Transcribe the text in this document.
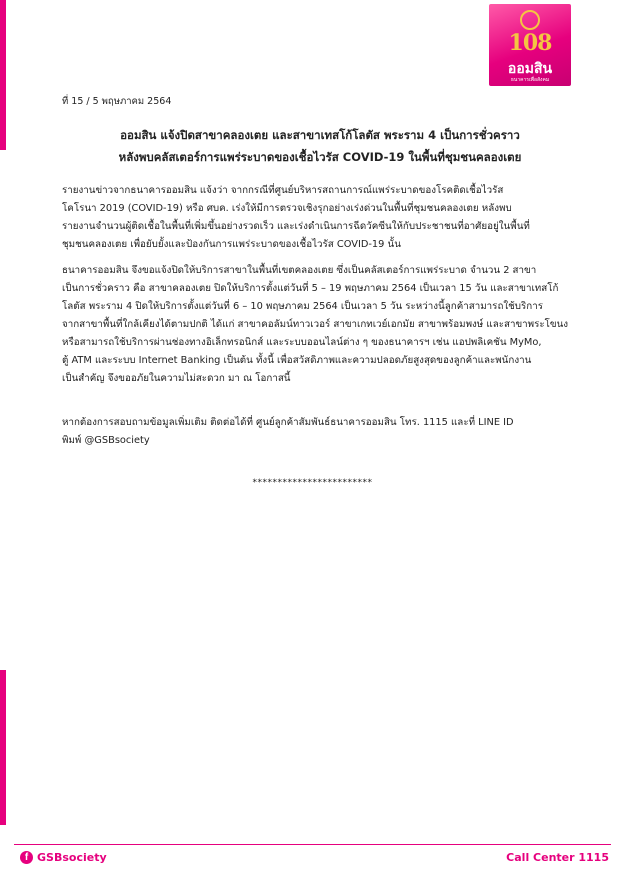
108
ออมสิน
ธนาคารเพื่อสังคม
ที่ 15 / 5 พฤษภาคม 2564
ออมสิน แจ้งปิดสาขาคลองเตย และสาขาเทสโก้โลตัส พระราม 4 เป็นการชั่วคราว
หลังพบคลัสเตอร์การแพร่ระบาดของเชื้อไวรัส COVID-19 ในพื้นที่ชุมชนคลองเตย
รายงานข่าวจากธนาคารออมสิน แจ้งว่า จากกรณีที่ศูนย์บริหารสถานการณ์แพร่ระบาดของโรคติดเชื้อไวรัส
โคโรนา 2019 (COVID-19) หรือ ศบค. เร่งให้มีการตรวจเชิงรุกอย่างเร่งด่วนในพื้นที่ชุมชนคลองเตย หลังพบ
รายงานจำนวนผู้ติดเชื้อในพื้นที่เพิ่มขึ้นอย่างรวดเร็ว และเร่งดำเนินการฉีดวัคซีนให้กับประชาชนที่อาศัยอยู่ในพื้นที่
ชุมชนคลองเตย เพื่อยับยั้งและป้องกันการแพร่ระบาดของเชื้อไวรัส COVID-19 นั้น
ธนาคารออมสิน จึงขอแจ้งปิดให้บริการสาขาในพื้นที่เขตคลองเตย ซึ่งเป็นคลัสเตอร์การแพร่ระบาด จำนวน 2 สาขา
เป็นการชั่วคราว คือ สาขาคลองเตย ปิดให้บริการตั้งแต่วันที่ 5 – 19 พฤษภาคม 2564 เป็นเวลา 15 วัน และสาขาเทสโก้
โลตัส พระราม 4 ปิดให้บริการตั้งแต่วันที่ 6 – 10 พฤษภาคม 2564 เป็นเวลา 5 วัน ระหว่างนี้ลูกค้าสามารถใช้บริการ
จากสาขาพื้นที่ใกล้เคียงได้ตามปกติ ได้แก่ สาขาคอลัมน์ทาวเวอร์ สาขาเกทเวย์เอกมัย สาขาพร้อมพงษ์ และสาขาพระโขนง
หรือสามารถใช้บริการผ่านช่องทางอิเล็กทรอนิกส์ และระบบออนไลน์ต่าง ๆ ของธนาคารฯ เช่น แอปพลิเคชัน MyMo,
ตู้ ATM และระบบ Internet Banking เป็นต้น ทั้งนี้ เพื่อสวัสดิภาพและความปลอดภัยสูงสุดของลูกค้าและพนักงาน
เป็นสำคัญ จึงขออภัยในความไม่สะดวก มา ณ โอกาสนี้
หากต้องการสอบถามข้อมูลเพิ่มเติม ติดต่อได้ที่ ศูนย์ลูกค้าสัมพันธ์ธนาคารออมสิน โทร. 1115 และที่ LINE ID
พิมพ์ @GSBsociety
************************
f GSBsociety	Call Center 1115
